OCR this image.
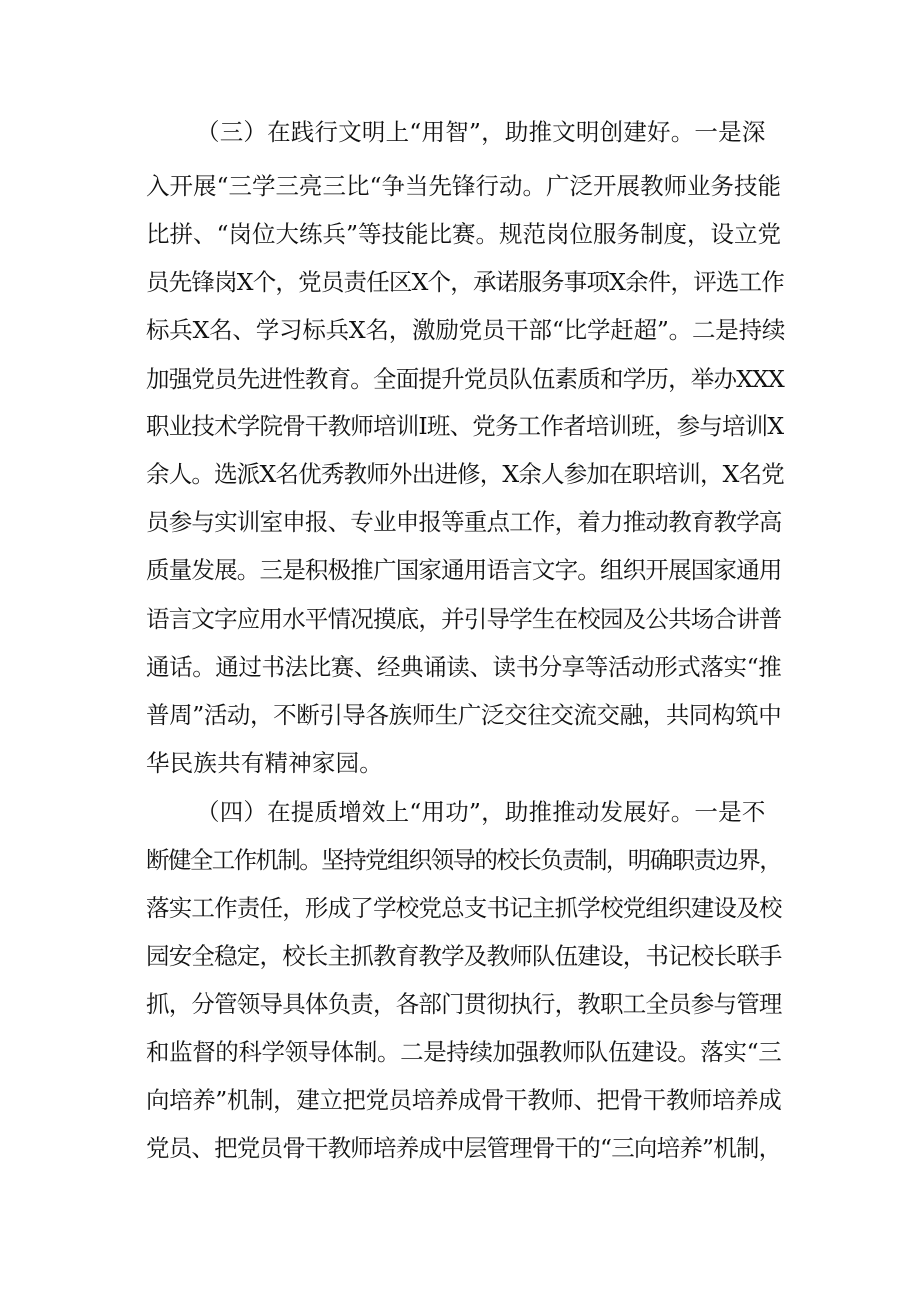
（三）在践行文明上“用智”，助推文明创建好。一是深
入开展“三学三亮三比“争当先锋行动。广泛开展教师业务技能
比拼、“岗位大练兵”等技能比赛。规范岗位服务制度，设立党
员先锋岗X个，党员责任区X个，承诺服务事项X余件，评选工作
标兵X名、学习标兵X名，激励党员干部“比学赶超”。二是持续
加强党员先进性教育。全面提升党员队伍素质和学历，举办XXX
职业技术学院骨干教师培训I班、党务工作者培训班，参与培训X
余人。选派X名优秀教师外出进修，X余人参加在职培训，X名党
员参与实训室申报、专业申报等重点工作，着力推动教育教学高
质量发展。三是积极推广国家通用语言文字。组织开展国家通用
语言文字应用水平情况摸底，并引导学生在校园及公共场合讲普
通话。通过书法比赛、经典诵读、读书分享等活动形式落实“推
普周”活动，不断引导各族师生广泛交往交流交融，共同构筑中
华民族共有精神家园。
（四）在提质增效上“用功”，助推推动发展好。一是不
断健全工作机制。坚持党组织领导的校长负责制，明确职责边界，
落实工作责任，形成了学校党总支书记主抓学校党组织建设及校
园安全稳定，校长主抓教育教学及教师队伍建设，书记校长联手
抓，分管领导具体负责，各部门贯彻执行，教职工全员参与管理
和监督的科学领导体制。二是持续加强教师队伍建设。落实“三
向培养”机制，建立把党员培养成骨干教师、把骨干教师培养成
党员、把党员骨干教师培养成中层管理骨干的“三向培养”机制，
